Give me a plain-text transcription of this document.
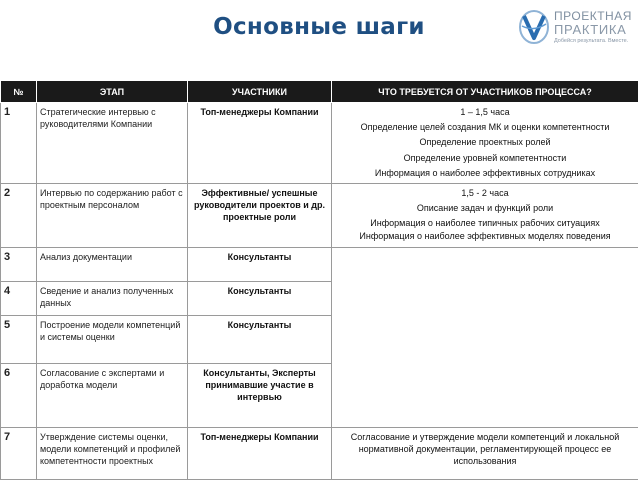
Основные шаги	ПРОЕКТНАЯ
ПРАКТИКА
Добейся результата. Вместе.
№	ЭТАП	УЧАСТНИКИ	ЧТО ТРЕБУЕТСЯ ОТ УЧАСТНИКОВ ПРОЦЕССА?
1	Стратегические интервью с руководителями Компании	Топ-менеджеры Компании	1 – 1,5 часа
Определение целей создания МК и оценки компетентности
Определение проектных ролей
Определение уровней компетентности
Информация о наиболее эффективных сотрудниках

2	Интервью по содержанию работ с проектным персоналом	Эффективные/ успешные руководители проектов и др. проектные роли	1,5 - 2 часа
Описание задач и функций роли
Информация о наиболее типичных рабочих ситуациях
Информация о наиболее эффективных моделях поведения

3	Анализ документации	Консультанты	
4	Сведение и анализ полученных данных	Консультанты	
5	Построение модели компетенций и системы оценки	Консультанты	
6	Согласование с экспертами и доработка модели	Консультанты, Эксперты принимавшие участие в интервью	
7	Утверждение системы оценки, модели компетенций и профилей компетентности проектных	Топ-менеджеры Компании	Согласование и утверждение модели компетенций и локальной нормативной документации, регламентирующей процесс ее использования
